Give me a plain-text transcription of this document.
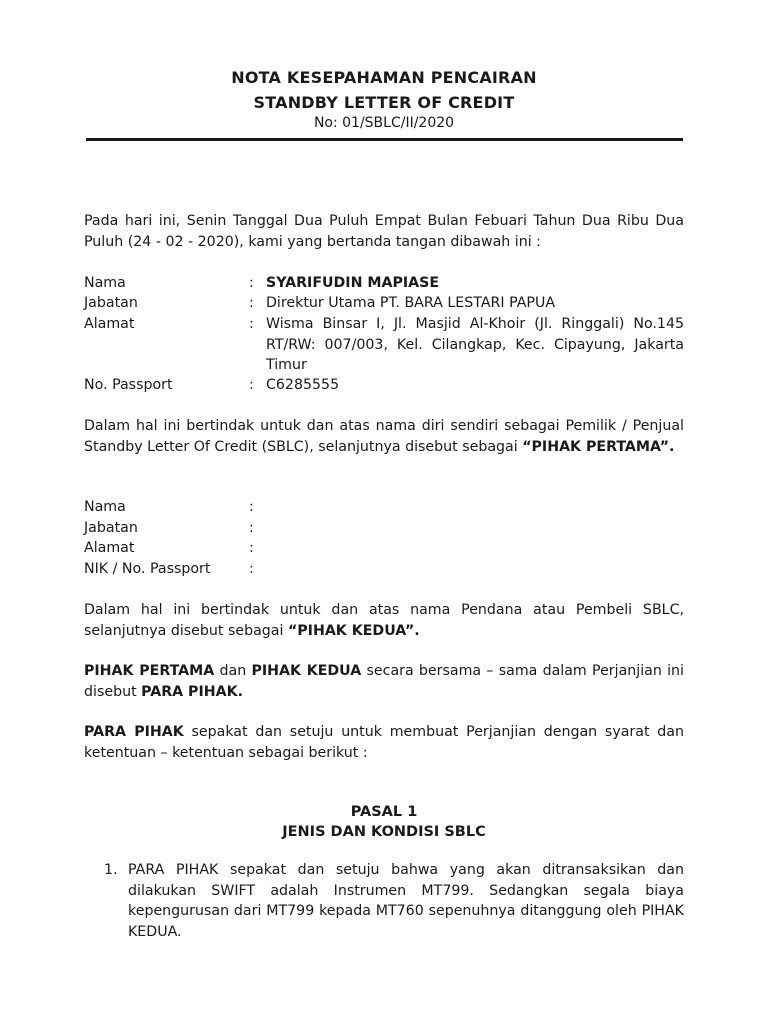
NOTA KESEPAHAMAN PENCAIRAN
STANDBY LETTER OF CREDIT
No: 01/SBLC/II/2020
Pada hari ini, Senin Tanggal Dua Puluh Empat Bulan Febuari Tahun Dua Ribu Dua Puluh (24 - 02 - 2020), kami yang bertanda tangan dibawah ini :
Nama	: SYARIFUDIN MAPIASE
Jabatan	: Direktur Utama PT. BARA LESTARI PAPUA
Alamat	: Wisma Binsar I, Jl. Masjid Al-Khoir (Jl. Ringgali) No.145 RT/RW: 007/003, Kel. Cilangkap, Kec. Cipayung, Jakarta Timur
No. Passport	: C6285555
Dalam hal ini bertindak untuk dan atas nama diri sendiri sebagai Pemilik / Penjual Standby Letter Of Credit (SBLC), selanjutnya disebut sebagai “PIHAK PERTAMA”.
Nama	:
Jabatan	:
Alamat	:
NIK / No. Passport	:
Dalam hal ini bertindak untuk dan atas nama Pendana atau Pembeli SBLC, selanjutnya disebut sebagai “PIHAK KEDUA”.
PIHAK PERTAMA dan PIHAK KEDUA secara bersama – sama dalam Perjanjian ini disebut PARA PIHAK.
PARA PIHAK sepakat dan setuju untuk membuat Perjanjian dengan syarat dan ketentuan – ketentuan sebagai berikut :
PASAL 1
JENIS DAN KONDISI SBLC
1. PARA PIHAK sepakat dan setuju bahwa yang akan ditransaksikan dan dilakukan SWIFT adalah Instrumen MT799. Sedangkan segala biaya kepengurusan dari MT799 kepada MT760 sepenuhnya ditanggung oleh PIHAK KEDUA.
